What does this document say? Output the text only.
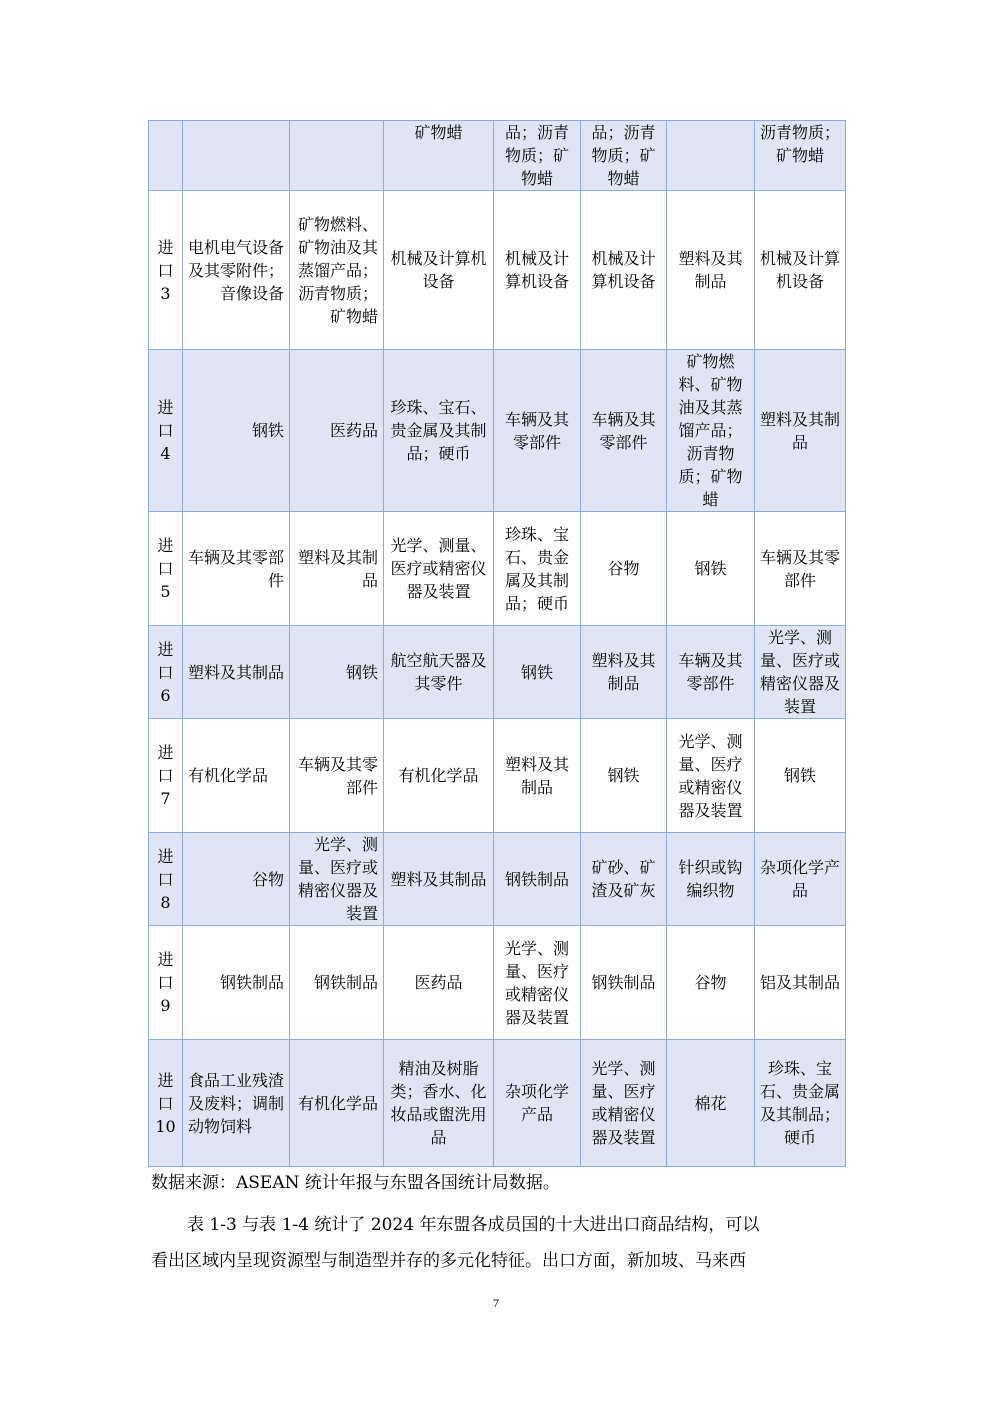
			矿物蜡	品；沥青物质；矿物蜡	品；沥青物质；矿物蜡		沥青物质；矿物蜡
进口3	电机电气设备及其零附件；音像设备	矿物燃料、矿物油及其蒸馏产品；沥青物质；矿物蜡	机械及计算机设备	机械及计算机设备	机械及计算机设备	塑料及其制品	机械及计算机设备
进口4	钢铁	医药品	珍珠、宝石、贵金属及其制品；硬币	车辆及其零部件	车辆及其零部件	矿物燃料、矿物油及其蒸馏产品；沥青物质；矿物蜡	塑料及其制品
进口5	车辆及其零部件	塑料及其制品	光学、测量、医疗或精密仪器及装置	珍珠、宝石、贵金属及其制品；硬币	谷物	钢铁	车辆及其零部件
进口6	塑料及其制品	钢铁	航空航天器及其零件	钢铁	塑料及其制品	车辆及其零部件	光学、测量、医疗或精密仪器及装置
进口7	有机化学品	车辆及其零部件	有机化学品	塑料及其制品	钢铁	光学、测量、医疗或精密仪器及装置	钢铁
进口8	谷物	光学、测量、医疗或精密仪器及装置	塑料及其制品	钢铁制品	矿砂、矿渣及矿灰	针织或钩编织物	杂项化学产品
进口9	钢铁制品	钢铁制品	医药品	光学、测量、医疗或精密仪器及装置	钢铁制品	谷物	铝及其制品
进口10	食品工业残渣及废料；调制动物饲料	有机化学品	精油及树脂类；香水、化妆品或盥洗用品	杂项化学产品	光学、测量、医疗或精密仪器及装置	棉花	珍珠、宝石、贵金属及其制品；硬币
数据来源：ASEAN 统计年报与东盟各国统计局数据。
表 1-3 与表 1-4 统计了 2024 年东盟各成员国的十大进出口商品结构，可以
看出区域内呈现资源型与制造型并存的多元化特征。出口方面，新加坡、马来西
7
